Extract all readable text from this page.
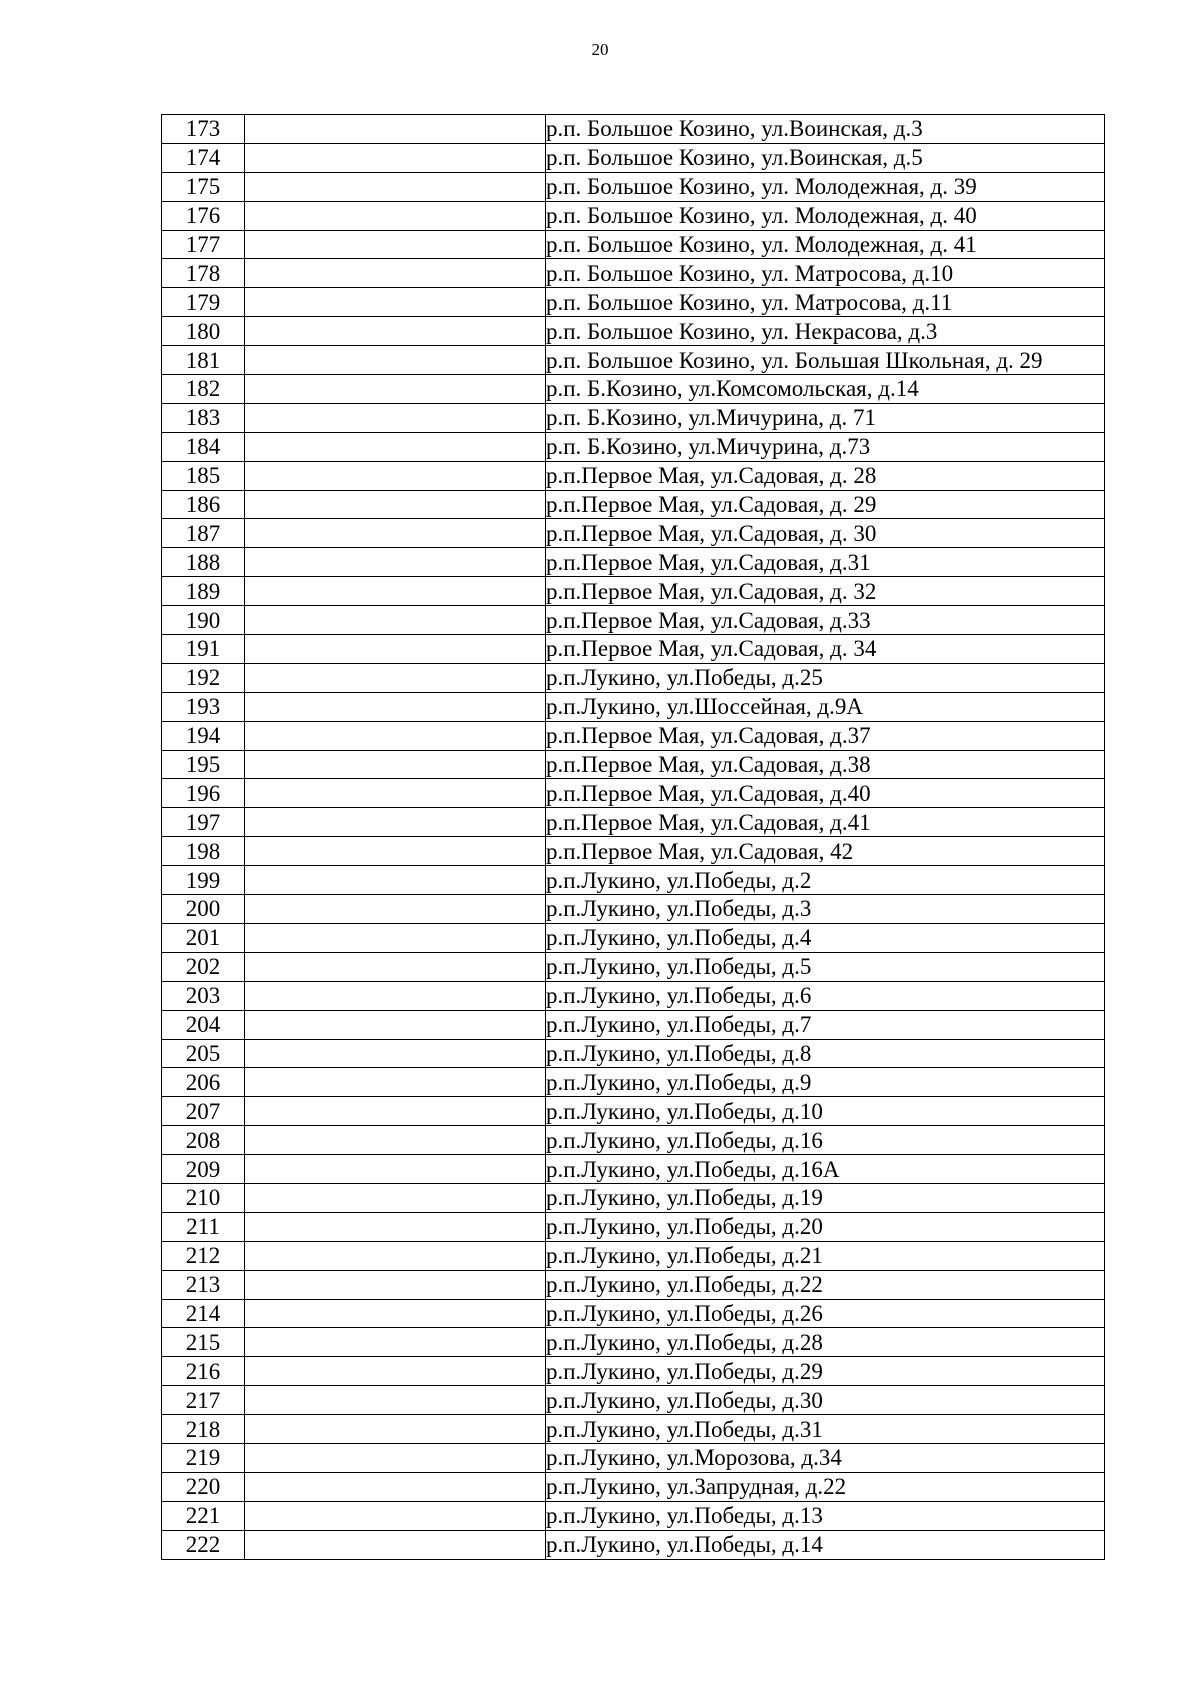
20
173		р.п. Большое Козино, ул.Воинская, д.3
174		р.п. Большое Козино, ул.Воинская, д.5
175		р.п. Большое Козино, ул. Молодежная, д. 39
176		р.п. Большое Козино, ул. Молодежная, д. 40
177		р.п. Большое Козино, ул. Молодежная, д. 41
178		р.п. Большое Козино, ул. Матросова, д.10
179		р.п. Большое Козино, ул. Матросова, д.11
180		р.п. Большое Козино, ул. Некрасова, д.3
181		р.п. Большое Козино, ул. Большая Школьная, д. 29
182		р.п. Б.Козино, ул.Комсомольская, д.14
183		р.п. Б.Козино, ул.Мичурина, д. 71
184		р.п. Б.Козино, ул.Мичурина, д.73
185		р.п.Первое Мая, ул.Садовая, д. 28
186		р.п.Первое Мая, ул.Садовая, д. 29
187		р.п.Первое Мая, ул.Садовая, д. 30
188		р.п.Первое Мая, ул.Садовая, д.31
189		р.п.Первое Мая, ул.Садовая, д. 32
190		р.п.Первое Мая, ул.Садовая, д.33
191		р.п.Первое Мая, ул.Садовая, д. 34
192		р.п.Лукино, ул.Победы, д.25
193		р.п.Лукино, ул.Шоссейная, д.9А
194		р.п.Первое Мая, ул.Садовая, д.37
195		р.п.Первое Мая, ул.Садовая, д.38
196		р.п.Первое Мая, ул.Садовая, д.40
197		р.п.Первое Мая, ул.Садовая, д.41
198		р.п.Первое Мая, ул.Садовая, 42
199		р.п.Лукино, ул.Победы, д.2
200		р.п.Лукино, ул.Победы, д.3
201		р.п.Лукино, ул.Победы, д.4
202		р.п.Лукино, ул.Победы, д.5
203		р.п.Лукино, ул.Победы, д.6
204		р.п.Лукино, ул.Победы, д.7
205		р.п.Лукино, ул.Победы, д.8
206		р.п.Лукино, ул.Победы, д.9
207		р.п.Лукино, ул.Победы, д.10
208		р.п.Лукино, ул.Победы, д.16
209		р.п.Лукино, ул.Победы, д.16А
210		р.п.Лукино, ул.Победы, д.19
211		р.п.Лукино, ул.Победы, д.20
212		р.п.Лукино, ул.Победы, д.21
213		р.п.Лукино, ул.Победы, д.22
214		р.п.Лукино, ул.Победы, д.26
215		р.п.Лукино, ул.Победы, д.28
216		р.п.Лукино, ул.Победы, д.29
217		р.п.Лукино, ул.Победы, д.30
218		р.п.Лукино, ул.Победы, д.31
219		р.п.Лукино, ул.Морозова, д.34
220		р.п.Лукино, ул.Запрудная, д.22
221		р.п.Лукино, ул.Победы, д.13
222		р.п.Лукино, ул.Победы, д.14
